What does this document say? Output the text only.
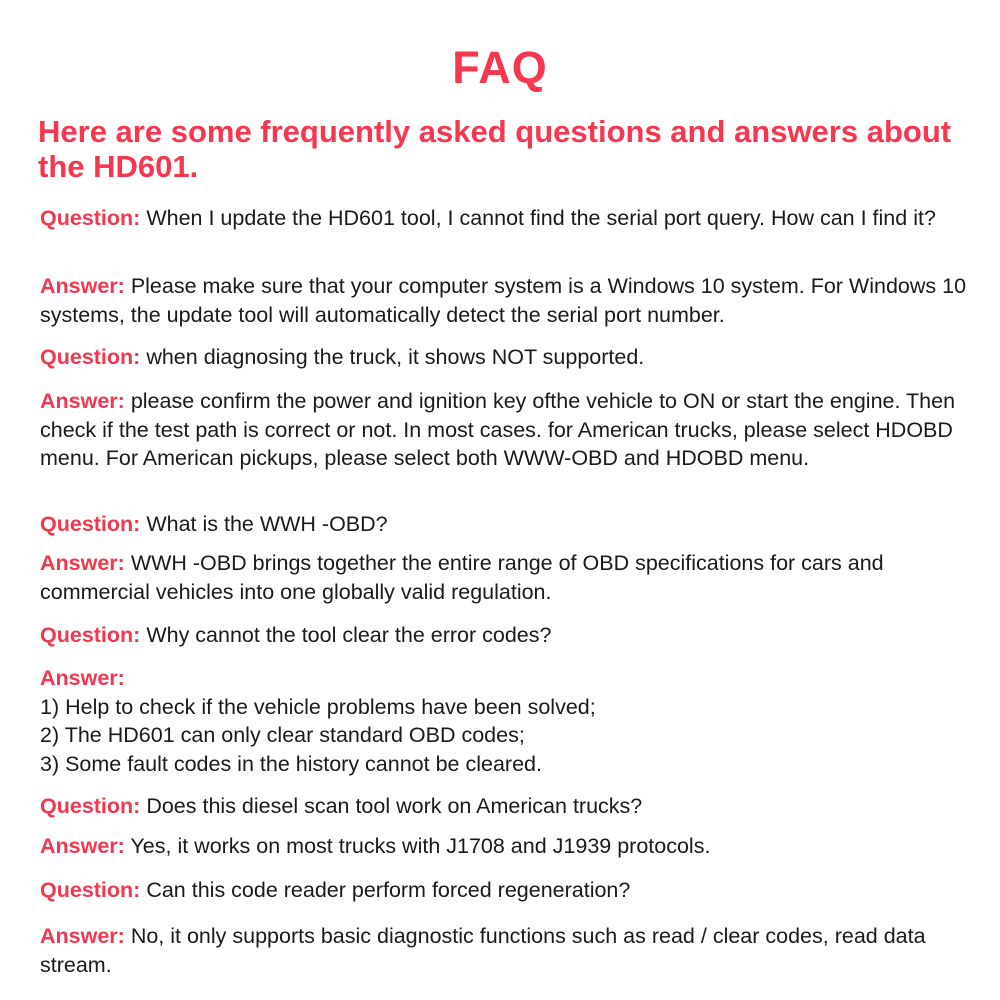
FAQ
Here are some frequently asked questions and answers about the HD601.

Question: When I update the HD601 tool, I cannot find the serial port query. How can I find it?

Answer: Please make sure that your computer system is a Windows 10 system. For Windows 10 systems, the update tool will automatically detect the serial port number.

Question: when diagnosing the truck, it shows NOT supported.

Answer: please confirm the power and ignition key ofthe vehicle to ON or start the engine. Then check if the test path is correct or not. In most cases. for American trucks, please select HDOBD menu. For American pickups, please select both WWW-OBD and HDOBD menu.

Question: What is the WWH -OBD?

Answer: WWH -OBD brings together the entire range of OBD specifications for cars and commercial vehicles into one globally valid regulation.

Question: Why cannot the tool clear the error codes?

Answer:
1) Help to check if the vehicle problems have been solved;
2) The HD601 can only clear standard OBD codes;
3) Some fault codes in the history cannot be cleared.

Question: Does this diesel scan tool work on American trucks?

Answer: Yes, it works on most trucks with J1708 and J1939 protocols.

Question: Can this code reader perform forced regeneration?

Answer: No, it only supports basic diagnostic functions such as read / clear codes, read data stream.
